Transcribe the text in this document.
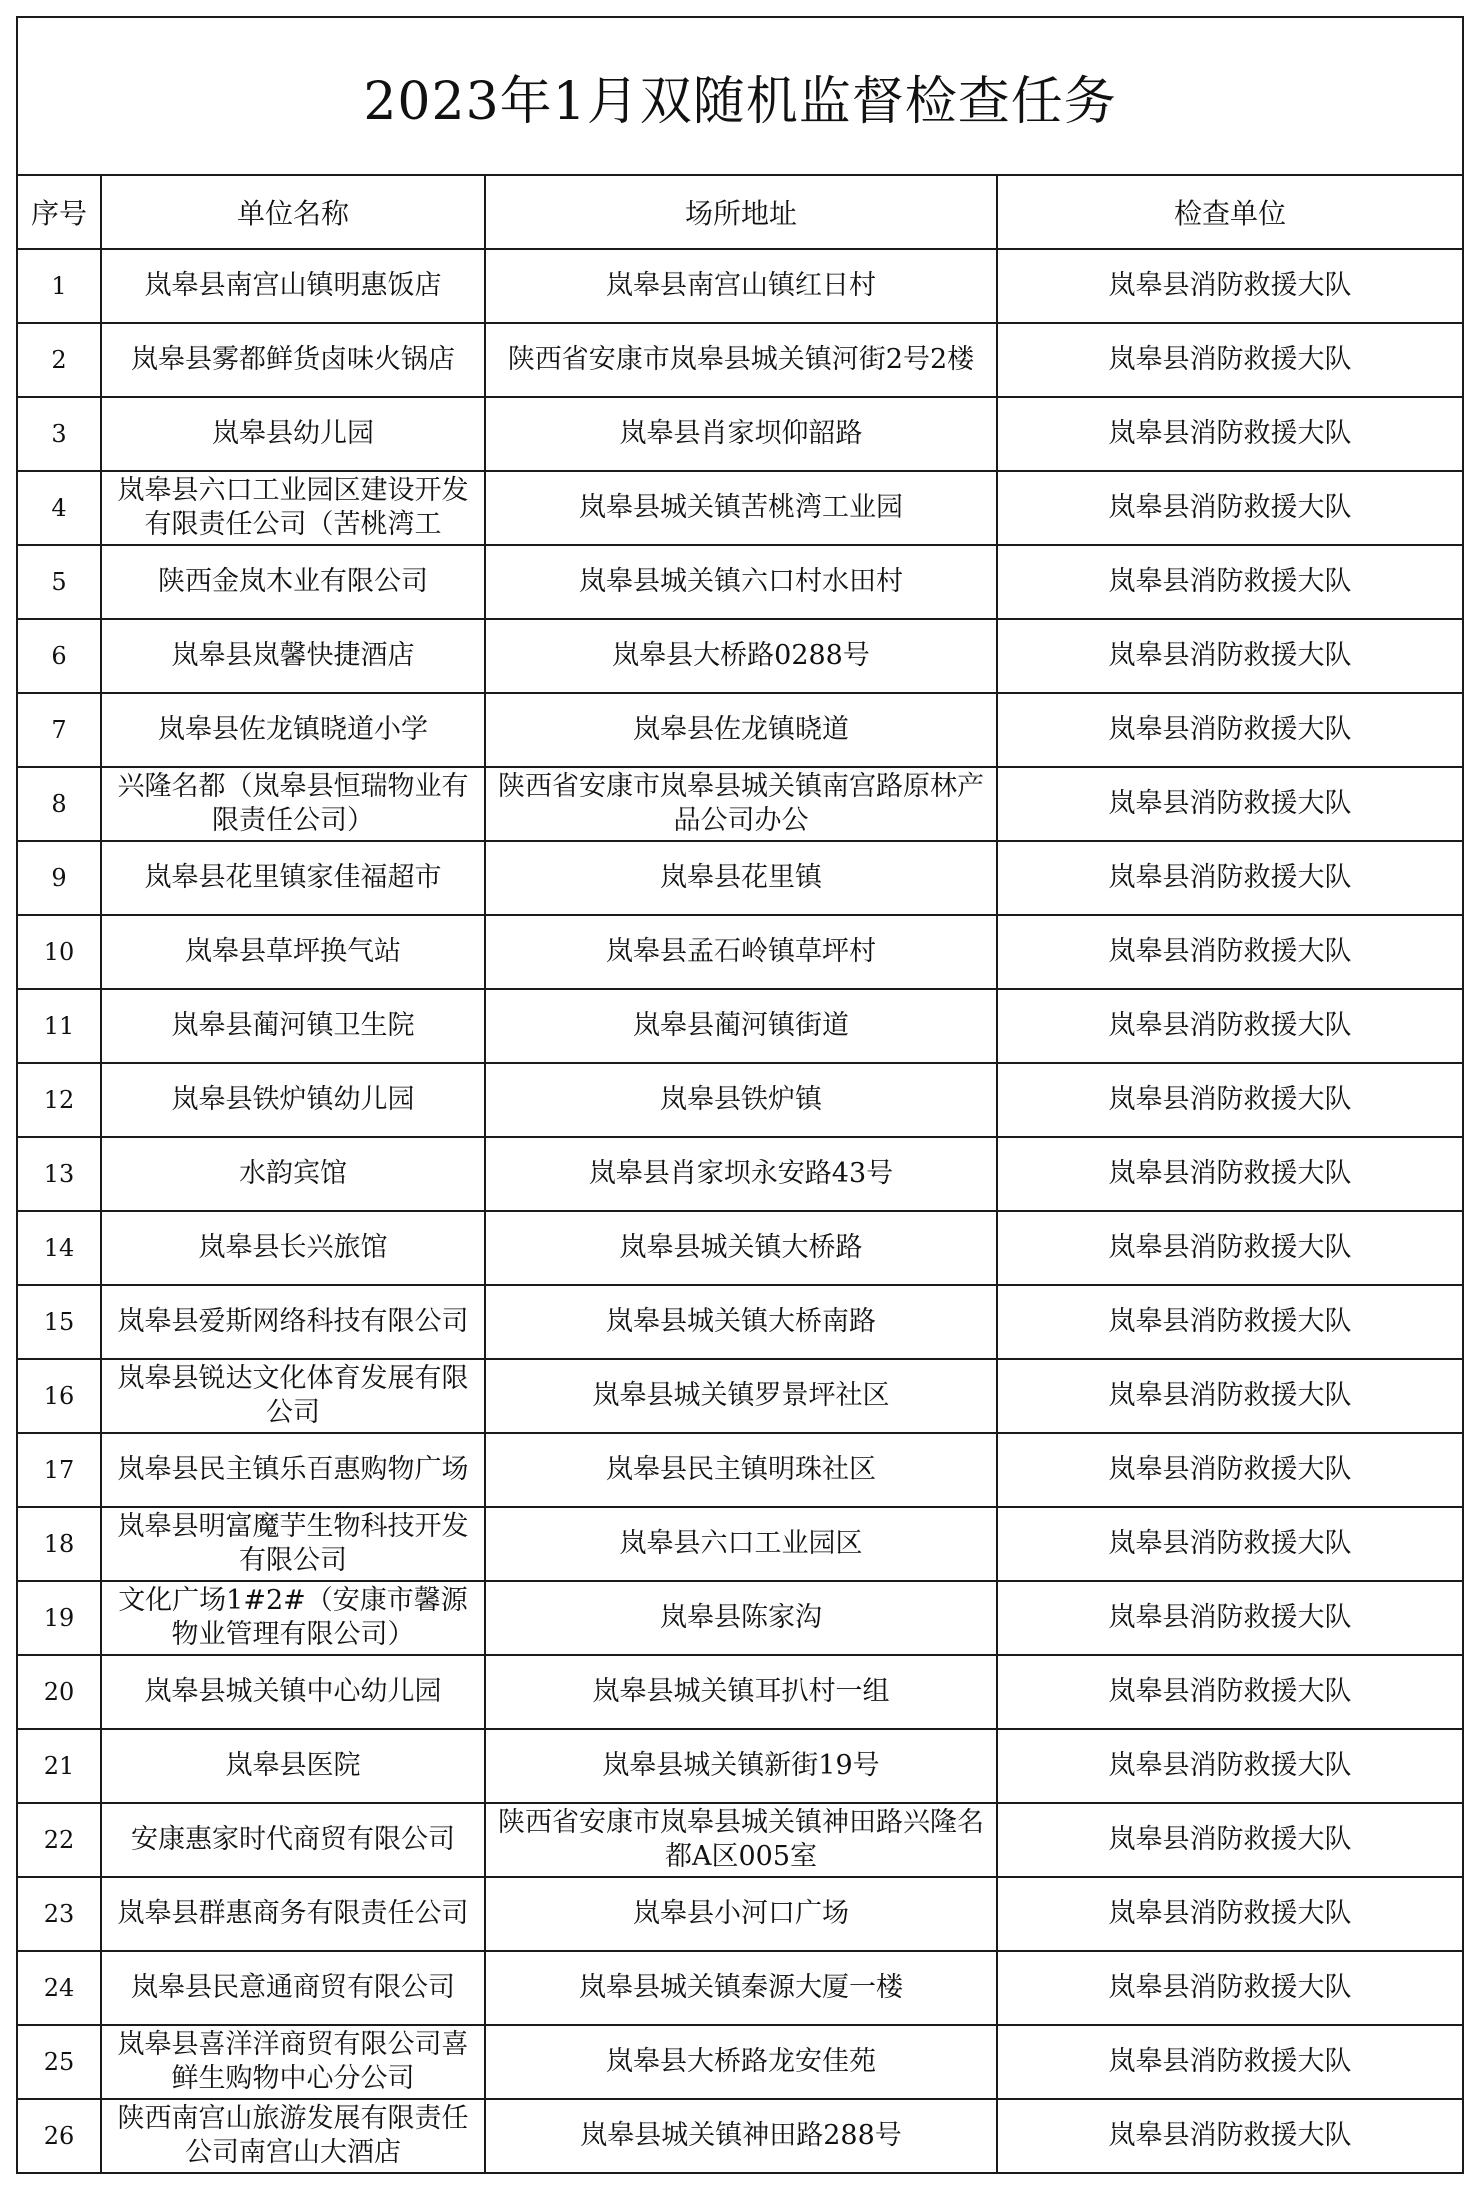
2023年1月双随机监督检查任务			
序号	单位名称	场所地址	检查单位

1	岚皋县南宫山镇明惠饭店	岚皋县南宫山镇红日村	岚皋县消防救援大队

2	岚皋县雾都鲜货卤味火锅店	陕西省安康市岚皋县城关镇河街2号2楼	岚皋县消防救援大队

3	岚皋县幼儿园	岚皋县肖家坝仰韶路	岚皋县消防救援大队

4	岚皋县六口工业园区建设开发有限责任公司（苦桃湾工	岚皋县城关镇苦桃湾工业园	岚皋县消防救援大队

5	陕西金岚木业有限公司	岚皋县城关镇六口村水田村	岚皋县消防救援大队

6	岚皋县岚馨快捷酒店	岚皋县大桥路0288号	岚皋县消防救援大队

7	岚皋县佐龙镇晓道小学	岚皋县佐龙镇晓道	岚皋县消防救援大队

8	兴隆名都（岚皋县恒瑞物业有限责任公司）	陕西省安康市岚皋县城关镇南宫路原林产品公司办公	岚皋县消防救援大队

9	岚皋县花里镇家佳福超市	岚皋县花里镇	岚皋县消防救援大队

10	岚皋县草坪换气站	岚皋县孟石岭镇草坪村	岚皋县消防救援大队

11	岚皋县蔺河镇卫生院	岚皋县蔺河镇街道	岚皋县消防救援大队

12	岚皋县铁炉镇幼儿园	岚皋县铁炉镇	岚皋县消防救援大队

13	水韵宾馆	岚皋县肖家坝永安路43号	岚皋县消防救援大队

14	岚皋县长兴旅馆	岚皋县城关镇大桥路	岚皋县消防救援大队

15	岚皋县爱斯网络科技有限公司	岚皋县城关镇大桥南路	岚皋县消防救援大队

16	岚皋县锐达文化体育发展有限公司	岚皋县城关镇罗景坪社区	岚皋县消防救援大队

17	岚皋县民主镇乐百惠购物广场	岚皋县民主镇明珠社区	岚皋县消防救援大队

18	岚皋县明富魔芋生物科技开发有限公司	岚皋县六口工业园区	岚皋县消防救援大队

19	文化广场1#2#（安康市馨源物业管理有限公司）	岚皋县陈家沟	岚皋县消防救援大队

20	岚皋县城关镇中心幼儿园	岚皋县城关镇耳扒村一组	岚皋县消防救援大队

21	岚皋县医院	岚皋县城关镇新街19号	岚皋县消防救援大队

22	安康惠家时代商贸有限公司	陕西省安康市岚皋县城关镇神田路兴隆名都A区005室	岚皋县消防救援大队

23	岚皋县群惠商务有限责任公司	岚皋县小河口广场	岚皋县消防救援大队

24	岚皋县民意通商贸有限公司	岚皋县城关镇秦源大厦一楼	岚皋县消防救援大队

25	岚皋县喜洋洋商贸有限公司喜鲜生购物中心分公司	岚皋县大桥路龙安佳苑	岚皋县消防救援大队

26	陕西南宫山旅游发展有限责任公司南宫山大酒店	岚皋县城关镇神田路288号	岚皋县消防救援大队
